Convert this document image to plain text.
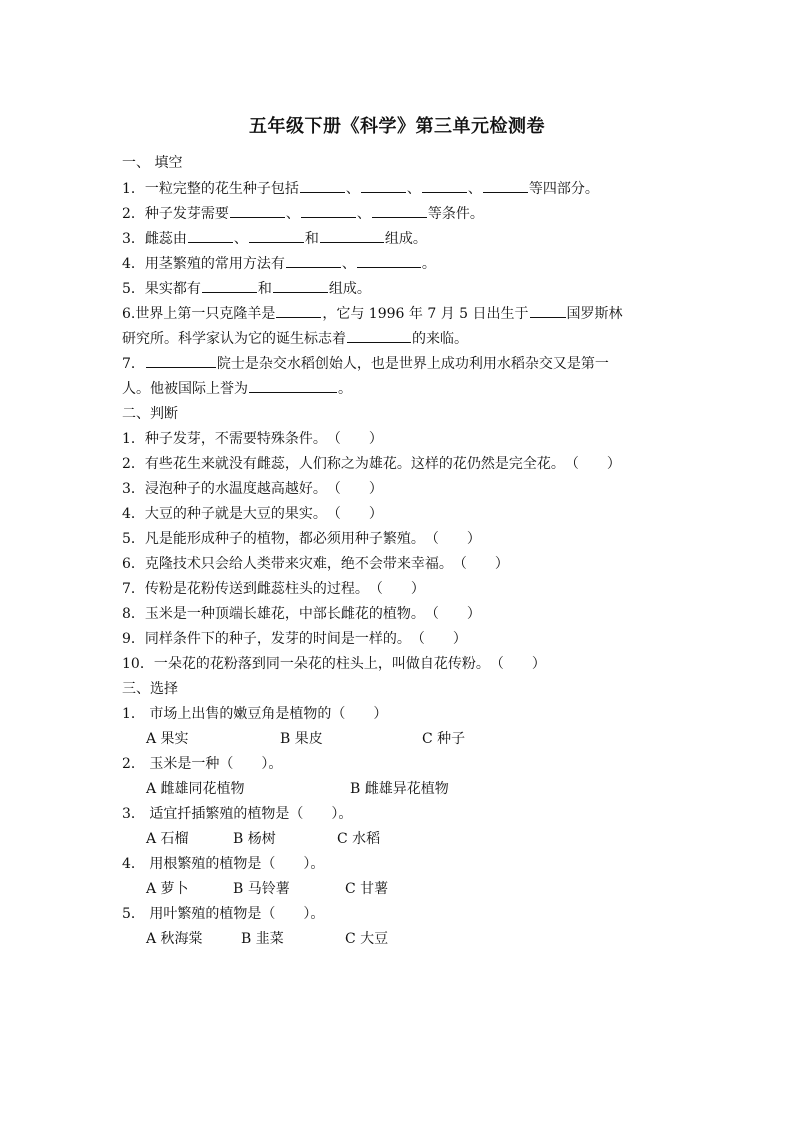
五年级下册《科学》第三单元检测卷
一、 填空
1．一粒完整的花生种子包括	、	、	、	等四部分。
2．种子发芽需要	、	、	等条件。
3．雌蕊由	、	和	组成。
4．用茎繁殖的常用方法有	、	。
5．果实都有	和	组成。
6.世界上第一只克隆羊是	，它与 1996 年 7 月 5 日出生于	国罗斯林
研究所。科学家认为它的诞生标志着	的来临。
7．	院士是杂交水稻创始人，也是世界上成功利用水稻杂交又是第一
人。他被国际上誉为	。
二、判断
1．种子发芽，不需要特殊条件。（　　）
2．有些花生来就没有雌蕊，人们称之为雄花。这样的花仍然是完全花。（　　）
3．浸泡种子的水温度越高越好。（　　）
4．大豆的种子就是大豆的果实。（　　）
5．凡是能形成种子的植物，都必须用种子繁殖。（　　）
6．克隆技术只会给人类带来灾难，绝不会带来幸福。（　　）
7．传粉是花粉传送到雌蕊柱头的过程。（　　）
8．玉米是一种顶端长雄花，中部长雌花的植物。（　　）
9．同样条件下的种子，发芽的时间是一样的。（　　）
10．一朵花的花粉落到同一朵花的柱头上，叫做自花传粉。（　　）
三、选择
1． 市场上出售的嫩豆角是植物的（　　）
A 果实	B 果皮	C 种子
2． 玉米是一种（　　）。
A 雌雄同花植物	B 雌雄异花植物
3． 适宜扦插繁殖的植物是（　　）。
A 石榴	B 杨树	C 水稻
4． 用根繁殖的植物是（　　）。
A 萝卜	B 马铃薯	C 甘薯
5． 用叶繁殖的植物是（　　）。
A 秋海棠	B 韭菜	C 大豆
